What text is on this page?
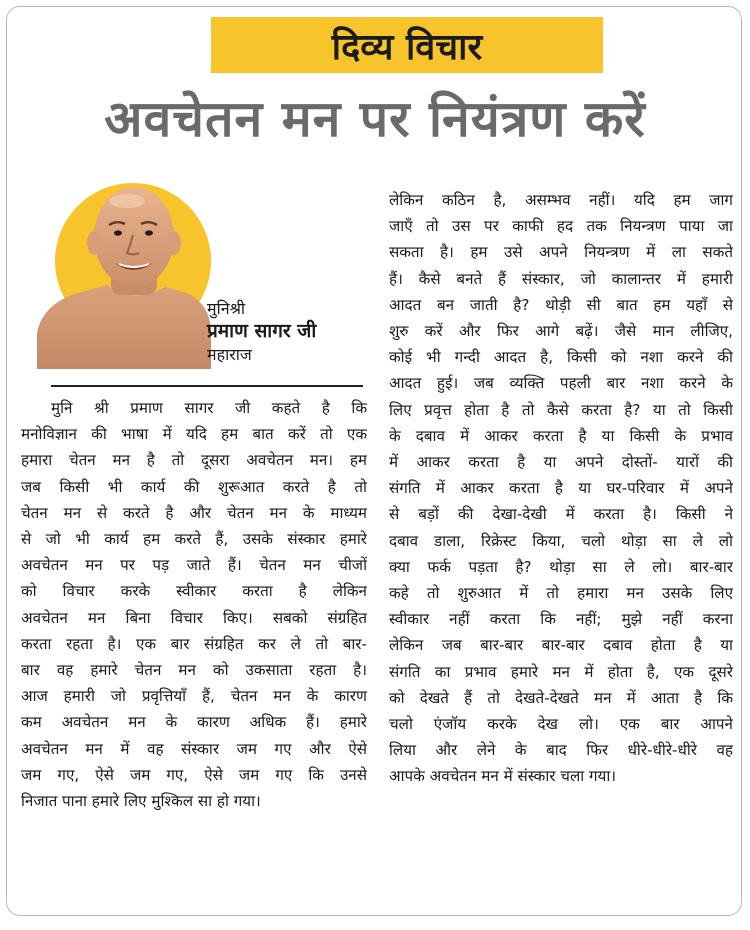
दिव्य विचार
अवचेतन मन पर नियंत्रण करें
मुनिश्री
प्रमाण सागर जी
महाराज
मुनि श्री प्रमाण सागर जी कहते है कि
मनोविज्ञान की भाषा में यदि हम बात करें तो एक
हमारा चेतन मन है तो दूसरा अवचेतन मन। हम
जब किसी भी कार्य की शुरूआत करते है तो
चेतन मन से करते है और चेतन मन के माध्यम
से जो भी कार्य हम करते हैं, उसके संस्कार हमारे
अवचेतन मन पर पड़ जाते हैं। चेतन मन चीजों
को विचार करके स्वीकार करता है लेकिन
अवचेतन मन बिना विचार किए। सबको संग्रहित
करता रहता है। एक बार संग्रहित कर ले तो बार-
बार वह हमारे चेतन मन को उकसाता रहता है।
आज हमारी जो प्रवृत्तियाँ हैं, चेतन मन के कारण
कम अवचेतन मन के कारण अधिक हैं। हमारे
अवचेतन मन में वह संस्कार जम गए और ऐसे
जम गए, ऐसे जम गए, ऐसे जम गए कि उनसे
निजात पाना हमारे लिए मुश्किल सा हो गया।
लेकिन कठिन है, असम्भव नहीं। यदि हम जाग
जाएँ तो उस पर काफी हद तक नियन्त्रण पाया जा
सकता है। हम उसे अपने नियन्त्रण में ला सकते
हैं। कैसे बनते हैं संस्कार, जो कालान्तर में हमारी
आदत बन जाती है? थोड़ी सी बात हम यहाँ से
शुरु करें और फिर आगे बढ़ें। जैसे मान लीजिए,
कोई भी गन्दी आदत है, किसी को नशा करने की
आदत हुई। जब व्यक्ति पहली बार नशा करने के
लिए प्रवृत्त होता है तो कैसे करता है? या तो किसी
के दबाव में आकर करता है या किसी के प्रभाव
में आकर करता है या अपने दोस्तों- यारों की
संगति में आकर करता है या घर-परिवार में अपने
से बड़ों की देखा-देखी में करता है। किसी ने
दबाव डाला, रिक्रेस्ट किया, चलो थोड़ा सा ले लो
क्या फर्क पड़ता है? थोड़ा सा ले लो। बार-बार
कहे तो शुरुआत में तो हमारा मन उसके लिए
स्वीकार नहीं करता कि नहीं; मुझे नहीं करना
लेकिन जब बार-बार बार-बार दबाव होता है या
संगति का प्रभाव हमारे मन में होता है, एक दूसरे
को देखते हैं तो देखते-देखते मन में आता है कि
चलो एंजॉय करके देख लो। एक बार आपने
लिया और लेने के बाद फिर धीरे-धीरे-धीरे वह
आपके अवचेतन मन में संस्कार चला गया।
